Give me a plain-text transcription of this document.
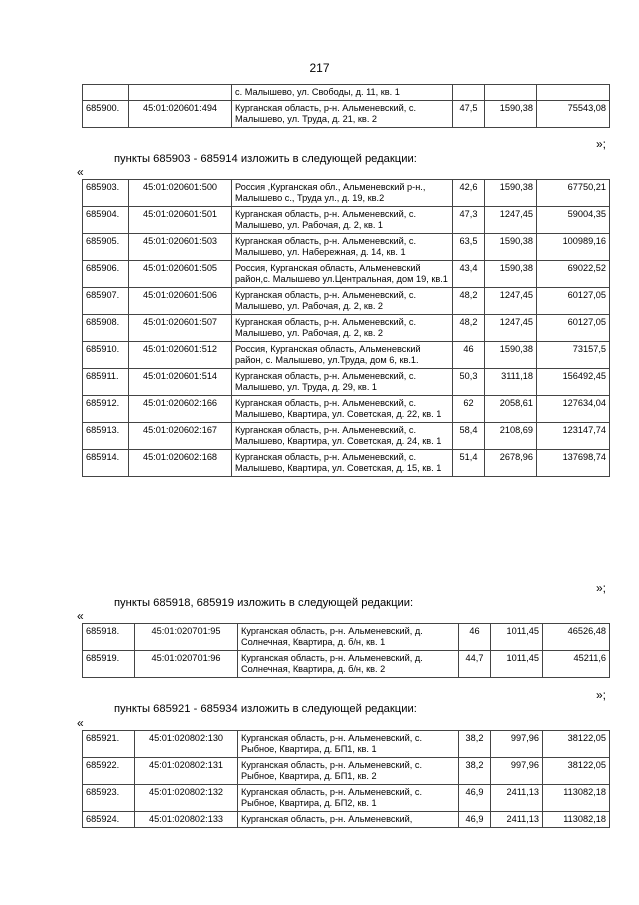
217
		с. Малышево, ул. Свободы, д. 11, кв. 1			
685900.	45:01:020601:494	Курганская область, р-н. Альменевский, с. Малышево, ул. Труда, д. 21, кв. 2	47,5	1590,38	75543,08
»;
пункты 685903 - 685914 изложить в следующей редакции:
«
685903.	45:01:020601:500	Россия ,Курганская обл., Альменевский р-н., Малышево с., Труда ул., д. 19, кв.2	42,6	1590,38	67750,21
685904.	45:01:020601:501	Курганская область, р-н. Альменевский, с. Малышево, ул. Рабочая, д. 2, кв. 1	47,3	1247,45	59004,35
685905.	45:01:020601:503	Курганская область, р-н. Альменевский, с. Малышево, ул. Набережная, д. 14, кв. 1	63,5	1590,38	100989,16
685906.	45:01:020601:505	Россия, Курганская область, Альменевский район,с. Малышево ул.Центральная, дом 19, кв.1	43,4	1590,38	69022,52
685907.	45:01:020601:506	Курганская область, р-н. Альменевский, с. Малышево, ул. Рабочая, д. 2, кв. 2	48,2	1247,45	60127,05
685908.	45:01:020601:507	Курганская область, р-н. Альменевский, с. Малышево, ул. Рабочая, д. 2, кв. 2	48,2	1247,45	60127,05
685910.	45:01:020601:512	Россия, Курганская область, Альменевский район, с. Малышево, ул.Труда, дом 6, кв.1.	46	1590,38	73157,5
685911.	45:01:020601:514	Курганская область, р-н. Альменевский, с. Малышево, ул. Труда, д. 29, кв. 1	50,3	3111,18	156492,45
685912.	45:01:020602:166	Курганская область, р-н. Альменевский, с. Малышево, Квартира, ул. Советская, д. 22, кв. 1	62	2058,61	127634,04
685913.	45:01:020602:167	Курганская область, р-н. Альменевский, с. Малышево, Квартира, ул. Советская, д. 24, кв. 1	58,4	2108,69	123147,74
685914.	45:01:020602:168	Курганская область, р-н. Альменевский, с. Малышево, Квартира, ул. Советская, д. 15, кв. 1	51,4	2678,96	137698,74
»;
пункты 685918, 685919 изложить в следующей редакции:
«
685918.	45:01:020701:95	Курганская область, р-н. Альменевский, д. Солнечная, Квартира, д. б/н, кв. 1	46	1011,45	46526,48
685919.	45:01:020701:96	Курганская область, р-н. Альменевский, д. Солнечная, Квартира, д. б/н, кв. 2	44,7	1011,45	45211,6
»;
пункты 685921 - 685934 изложить в следующей редакции:
«
685921.	45:01:020802:130	Курганская область, р-н. Альменевский, с. Рыбное, Квартира, д. БП1, кв. 1	38,2	997,96	38122,05
685922.	45:01:020802:131	Курганская область, р-н. Альменевский, с. Рыбное, Квартира, д. БП1, кв. 2	38,2	997,96	38122,05
685923.	45:01:020802:132	Курганская область, р-н. Альменевский, с. Рыбное, Квартира, д. БП2, кв. 1	46,9	2411,13	113082,18
685924.	45:01:020802:133	Курганская область, р-н. Альменевский,	46,9	2411,13	113082,18
